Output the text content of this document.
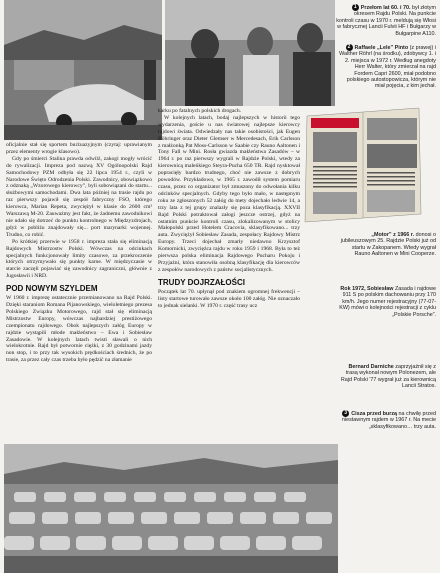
1 Przełom lat 60. i 70. był złotym okresem Rajdu Polski. Na punkcie kontroli czasu w 1970 r. meldują się Włosi w fabrycznej Lancii Fulvii HF i Bułgarzy w Bułgarpine A110.
2 Raffaele „Lele” Pinto (z prawej) i Walther Röhrl (na środku), zdobywcy 1. i 2. miejsca w 1972 r. Według anegdoty Herr Walter, który zmierzał na rajd Fordem Capri 2600, miał podobno polskiego autostopowicza, którym nie miał pojęcia, z kim jechał.
„Motor” z 1966 r. donosi o jubileuszowym 25. Rajdzie Polski już od startu w Zakopanem. Wtedy wygrał Rauno Aaltonen w Mini Cooperze.
Rok 1972, Sobiesław Zasada i rajdowe 911 S po polskim dachowaniu przy 170 km/h. Jego numer rejestracyjny (77-07-KW) mówi o kolejności rejestracji z cyklu „Polskie Porsche”.
Bernard Darniche zaprzyjaźnił się z trasą wykonał nowym Polonezem, ale Rajd Polski '77 wygrał już za kierownicą Lancii Stratos.
3 Cisza przed burzą na chwilę przed niestawnym rajdem w 1967 r. Na mecie „sklasyfikowano… trzy auta.

oficjalnie stał się sportem burżuazyjnym (czytaj: uprawianym przez elementy wrogie klasowo).

Gdy po śmierci Stalina prawda odwilż, zakogi mogły wrócić do rywalizacji. Impreza pod nazwą XV Ogólnopolski Rajd Samochodowy PZM odbyła się 22 lipca 1954 r., czyli w Narodowe Święto Odrodzenia Polski. Zawodnicy, obowiązkowo z odznaką „Wzorowego kierowcy”, byli sobowiązani do startu... służbowymi samochodami. Dwa lata później na trasie rajdu po raz pierwszy pojawił się zespół fabryczny FSO, którego kierowca, Marian Repeta, zwyciężył w klasie do 2600 cm³ Warszawą M-20. Zauważmy jest fakt, że żadnemu zawodnikowi nie udało się dotrzeć do punktu kontrolnego w Międzyzdrojach, gdyż w pobliżu znajdowały się... port marynarki wojennej. Trudno, co robić.

Po krótkiej przerwie w 1958 r. impreza stała się eliminacją Rajdowych Mistrzostw Polski. Wówczas na odcinkach specjalnych funkcjonowały limity czasowe, za przekroczenie których otrzymywało się punkty karne. W międzyczasie w starcie zaczęli pojawiać się zawodnicy zagraniczni, głównie z Jugosławii i NRD.

POD NOWYM SZYLDEM

W 1960 r. imprezę ostatecznie przemianowano na Rajd Polski. Dzięki staraniom Romana Pijanowskiego, wieloletniego prezesa Polskiego Związku Motorowego, rajd stał się eliminacją Mistrzostw Europy, wówczas najbardziej prestiżowego czempionatu rajdowego. Obok najlepszych załóg Europy w rajdzie wystąpili młode małżeństwo – Ewa i Sobiesław Zasadowie. W kolejnych latach twisti sławali o nich wielokrotnie. Rajd był potwornie ciężki, z 30 godzinami jazdy non stop, i to przy tak wysokich prędkościach średnich, że po trasie, za przez cały czas trzeba było pędzić na złamanie

karku po fatalnych polskich drogach.

W kolejnych latach, bodaj najlepszych w historii tego wydarzenia, goście u nas światowej najlepsze kierowcy rajdowi świata. Odwiedzały nas takie osobistości, jak Eugen Böhringer oraz Dieter Glemser w Mercedesach, Erik Carlsson z małżonką Pat Moss-Carlsson w Saabie czy Rauno Aaltonen i Tony Fall w Mini. Rosła gwiazda małżeństwa Zasadów – w 1964 r. po raz pierwszy wygrali w Rajdzie Polski, wtedy za kierownicą maleńkiego Steyra-Pucha 650 TR. Rajd nysktował popracięły bardzo trudnego, choć nie zawsze z dobrych powodów. Przykładowo, w 1965 r. zawodił system pomiaru czasu, przez co organizator był zmuszony do odwołania kilku odcinków specjalnych. Gdyby tego było mało, w następnym roku ze zgłoszonych 52 załóg do mety dojechało ledwie 14, a trzy lata z tej grupy znalazły się poza klasyfikacją. XXVII Rajd Polski potraktował załogi jeszcze ostrzej, gdyż na ostatnim punkcie kontroli czasu, zlokalizowanym w stolicy Małopolski przed Hotelem Cracovia, sklasyfikowano... trzy auta. Zwyciężył Sobiesław Zasada, zespołacy Rajdowy Mistrz Europy. Trzeci dojechał zmarły niedawno Krzysztof Komornicki, zwyciężca rajdu w roku 1959 i 1968. Była to też pierwsza polska eliminacja Rajdowego Pucharu Pokoju i Przyjaźni, która stanowiła osobną klasyfikację dla kierowców z zespołów narodowych z państw socjalistycznych.

TRUDY DOJRZAŁOŚCI

Początek lat 70. upłynął pod znakiem ogromnej frekwencji – listy startowe turowało zawsze około 100 załóg. Nie oznaczało to jednak sielanki. W 1970 r. część trasy ucz
